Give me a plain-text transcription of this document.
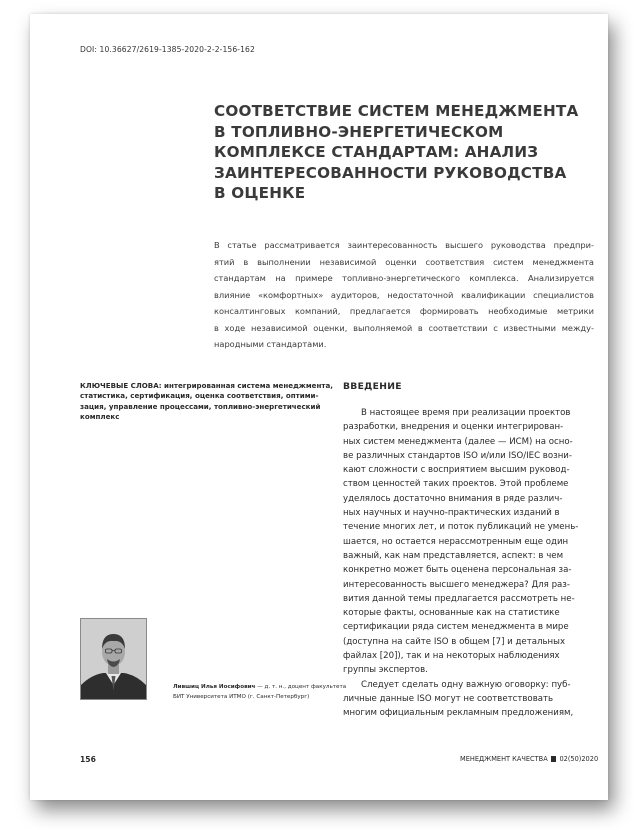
DOI: 10.36627/2619-1385-2020-2-2-156-162
СООТВЕТСТВИЕ СИСТЕМ МЕНЕДЖМЕНТА
В ТОПЛИВНО-ЭНЕРГЕТИЧЕСКОМ
КОМПЛЕКСЕ СТАНДАРТАМ: АНАЛИЗ
ЗАИНТЕРЕСОВАННОСТИ РУКОВОДСТВА
В ОЦЕНКЕ
В статье рассматривается заинтересованность высшего руководства предпри-
ятий в выполнении независимой оценки соответствия систем менеджмента
стандартам на примере топливно-энергетического комплекса. Анализируется
влияние «комфортных» аудиторов, недостаточной квалификации специалистов
консалтинговых компаний, предлагается формировать необходимые метрики
в ходе независимой оценки, выполняемой в соответствии с известными между-
народными стандартами.
КЛЮЧЕВЫЕ СЛОВА: интегрированная система менеджмента,
статистика, сертификация, оценка соответствия, оптими-
зация, управление процессами, топливно-энергетический
комплекс
ВВЕДЕНИЕ
В настоящее время при реализации проектов
разработки, внедрения и оценки интегрирован-
ных систем менеджмента (далее — ИСМ) на осно-
ве различных стандартов ISO и/или ISO/IEC возни-
кают сложности с восприятием высшим руковод-
ством ценностей таких проектов. Этой проблеме
уделялось достаточно внимания в ряде различ-
ных научных и научно-практических изданий в
течение многих лет, и поток публикаций не умень-
шается, но остается нерассмотренным еще один
важный, как нам представляется, аспект: в чем
конкретно может быть оценена персональная за-
интересованность высшего менеджера? Для раз-
вития данной темы предлагается рассмотреть не-
которые факты, основанные как на статистике
сертификации ряда систем менеджмента в мире
(доступна на сайте ISO в общем [7] и детальных
файлах [20]), так и на некоторых наблюдениях
группы экспертов.
Следует сделать одну важную оговорку: пуб-
личные данные ISO могут не соответствовать
многим официальным рекламным предложениям,
Лившиц Илья Иосифович — д. т. н., доцент факультета
БИТ Университета ИТМО (г. Санкт-Петербург)
156	МЕНЕДЖМЕНТ КАЧЕСТВА 02(50)2020
